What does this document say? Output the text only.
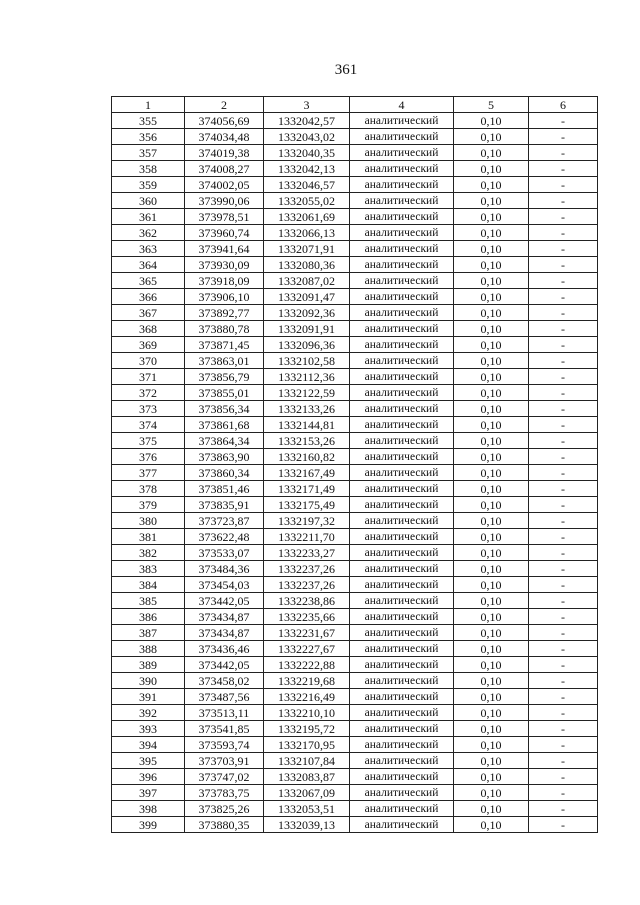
361
1	2	3	4	5	6
355	374056,69	1332042,57	аналитический	0,10	-
356	374034,48	1332043,02	аналитический	0,10	-
357	374019,38	1332040,35	аналитический	0,10	-
358	374008,27	1332042,13	аналитический	0,10	-
359	374002,05	1332046,57	аналитический	0,10	-
360	373990,06	1332055,02	аналитический	0,10	-
361	373978,51	1332061,69	аналитический	0,10	-
362	373960,74	1332066,13	аналитический	0,10	-
363	373941,64	1332071,91	аналитический	0,10	-
364	373930,09	1332080,36	аналитический	0,10	-
365	373918,09	1332087,02	аналитический	0,10	-
366	373906,10	1332091,47	аналитический	0,10	-
367	373892,77	1332092,36	аналитический	0,10	-
368	373880,78	1332091,91	аналитический	0,10	-
369	373871,45	1332096,36	аналитический	0,10	-
370	373863,01	1332102,58	аналитический	0,10	-
371	373856,79	1332112,36	аналитический	0,10	-
372	373855,01	1332122,59	аналитический	0,10	-
373	373856,34	1332133,26	аналитический	0,10	-
374	373861,68	1332144,81	аналитический	0,10	-
375	373864,34	1332153,26	аналитический	0,10	-
376	373863,90	1332160,82	аналитический	0,10	-
377	373860,34	1332167,49	аналитический	0,10	-
378	373851,46	1332171,49	аналитический	0,10	-
379	373835,91	1332175,49	аналитический	0,10	-
380	373723,87	1332197,32	аналитический	0,10	-
381	373622,48	1332211,70	аналитический	0,10	-
382	373533,07	1332233,27	аналитический	0,10	-
383	373484,36	1332237,26	аналитический	0,10	-
384	373454,03	1332237,26	аналитический	0,10	-
385	373442,05	1332238,86	аналитический	0,10	-
386	373434,87	1332235,66	аналитический	0,10	-
387	373434,87	1332231,67	аналитический	0,10	-
388	373436,46	1332227,67	аналитический	0,10	-
389	373442,05	1332222,88	аналитический	0,10	-
390	373458,02	1332219,68	аналитический	0,10	-
391	373487,56	1332216,49	аналитический	0,10	-
392	373513,11	1332210,10	аналитический	0,10	-
393	373541,85	1332195,72	аналитический	0,10	-
394	373593,74	1332170,95	аналитический	0,10	-
395	373703,91	1332107,84	аналитический	0,10	-
396	373747,02	1332083,87	аналитический	0,10	-
397	373783,75	1332067,09	аналитический	0,10	-
398	373825,26	1332053,51	аналитический	0,10	-
399	373880,35	1332039,13	аналитический	0,10	-
